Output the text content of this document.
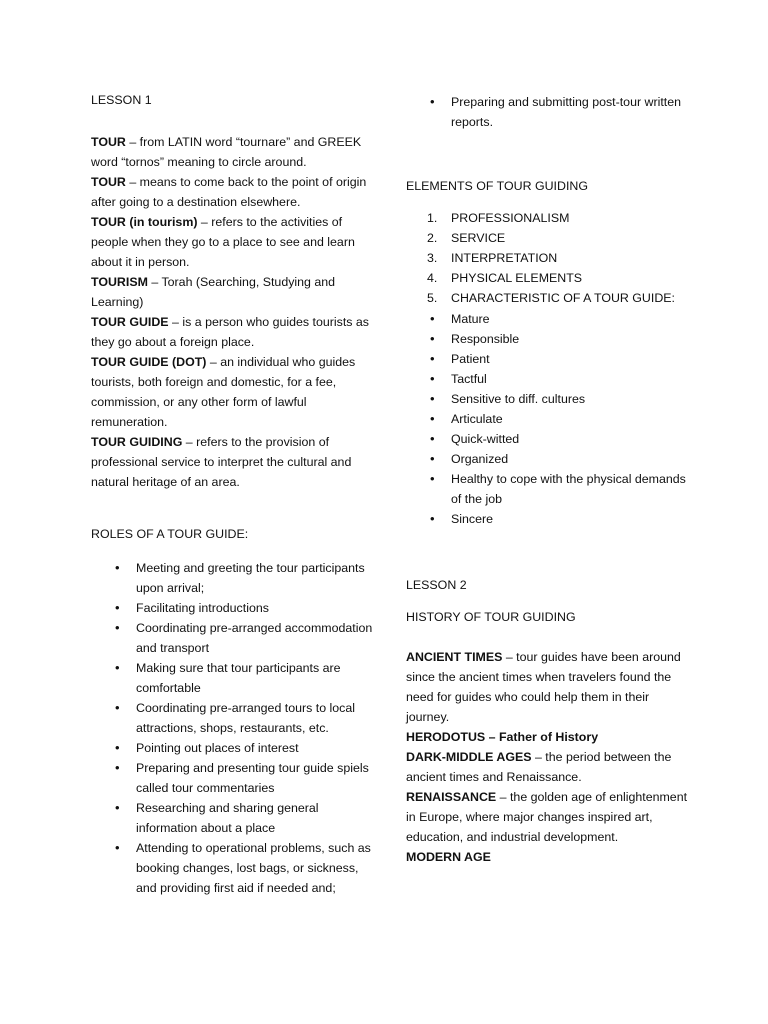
LESSON 1

TOUR – from LATIN word “tournare” and GREEK word “tornos” meaning to circle around.

TOUR – means to come back to the point of origin after going to a destination elsewhere.

TOUR (in tourism) – refers to the activities of people when they go to a place to see and learn about it in person.

TOURISM – Torah (Searching, Studying and Learning)

TOUR GUIDE – is a person who guides tourists as they go about a foreign place.

TOUR GUIDE (DOT) – an individual who guides tourists, both foreign and domestic, for a fee, commission, or any other form of lawful remuneration.

TOUR GUIDING – refers to the provision of professional service to interpret the cultural and natural heritage of an area.

ROLES OF A TOUR GUIDE:

• Meeting and greeting the tour participants upon arrival;
• Facilitating introductions
• Coordinating pre-arranged accommodation and transport
• Making sure that tour participants are comfortable
• Coordinating pre-arranged tours to local attractions, shops, restaurants, etc.
• Pointing out places of interest
• Preparing and presenting tour guide spiels called tour commentaries
• Researching and sharing general information about a place
• Attending to operational problems, such as booking changes, lost bags, or sickness, and providing first aid if needed and;
• Preparing and submitting post-tour written reports.

ELEMENTS OF TOUR GUIDING

1. PROFESSIONALISM
2. SERVICE
3. INTERPRETATION
4. PHYSICAL ELEMENTS
5. CHARACTERISTIC OF A TOUR GUIDE:
• Mature
• Responsible
• Patient
• Tactful
• Sensitive to diff. cultures
• Articulate
• Quick-witted
• Organized
• Healthy to cope with the physical demands of the job
• Sincere

LESSON 2

HISTORY OF TOUR GUIDING

ANCIENT TIMES – tour guides have been around since the ancient times when travelers found the need for guides who could help them in their journey.

HERODOTUS – Father of History

DARK-MIDDLE AGES – the period between the ancient times and Renaissance.

RENAISSANCE – the golden age of enlightenment in Europe, where major changes inspired art, education, and industrial development.

MODERN AGE
